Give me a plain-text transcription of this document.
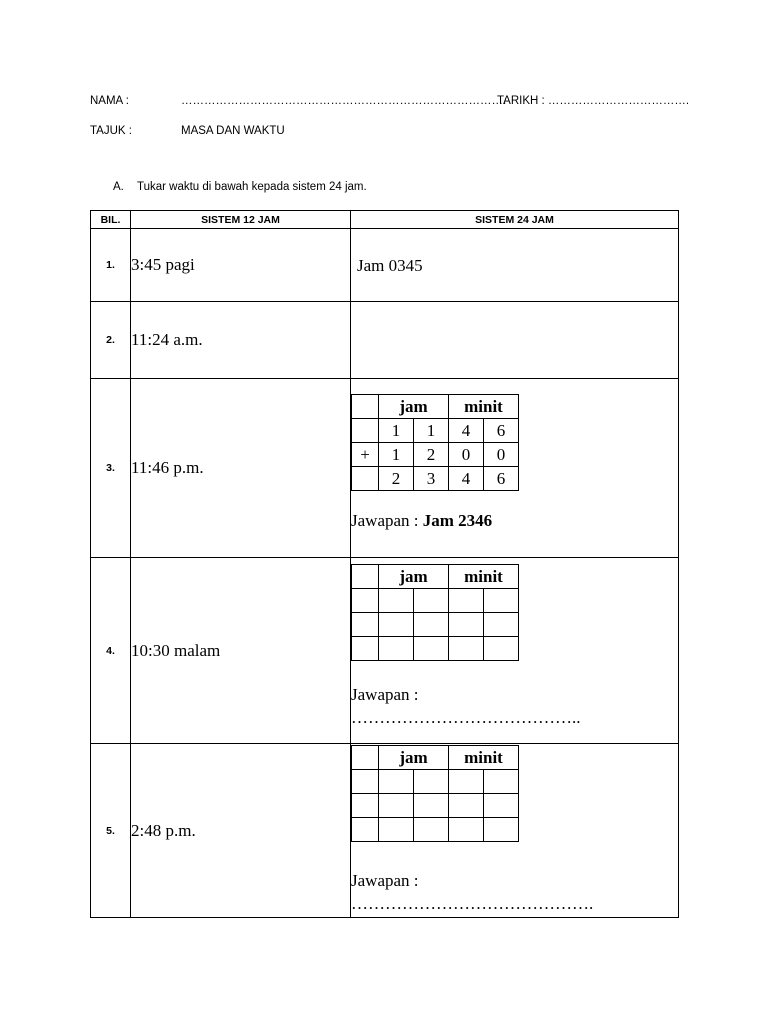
NAMA :	………………………………………………………………………….
TARIKH : ……………………………….
TAJUK :	MASA DAN WAKTU
A. Tukar waktu di bawah kepada sistem 24 jam.
BIL.	SISTEM 12 JAM	SISTEM 24 JAM
1.	3:45 pagi	Jam 0345

2.	11:24 a.m.	
3.	11:46 p.m.	
	jam	minit
	1	1	4	6
+	1	2	0	0
	2	3	4	6
Jawapan : Jam 2346

4.	10:30 malam	
	jam	minit

Jawapan :
…………………………………..

5.	2:48 p.m.	
	jam	minit

Jawapan :
…………………………………….
